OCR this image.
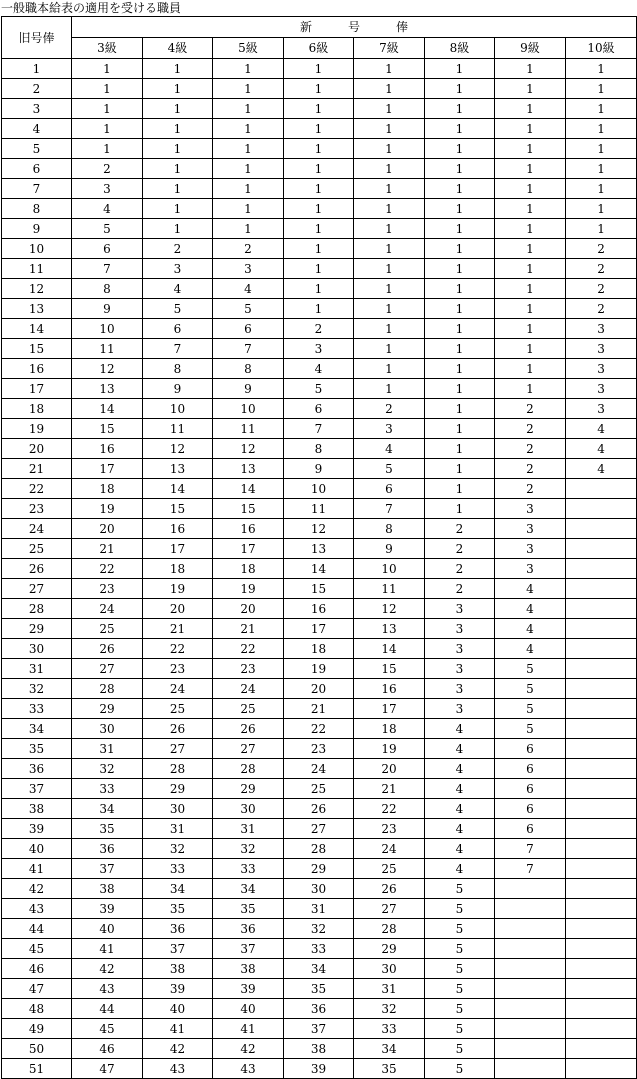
一般職本給表の適用を受ける職員
旧号俸	新　　　号　　　俸							
	3級	4級	5級	6級	7級	8級	9級	10級
1	1	1	1	1	1	1	1	1
2	1	1	1	1	1	1	1	1
3	1	1	1	1	1	1	1	1
4	1	1	1	1	1	1	1	1
5	1	1	1	1	1	1	1	1
6	2	1	1	1	1	1	1	1
7	3	1	1	1	1	1	1	1
8	4	1	1	1	1	1	1	1
9	5	1	1	1	1	1	1	1
10	6	2	2	1	1	1	1	2
11	7	3	3	1	1	1	1	2
12	8	4	4	1	1	1	1	2
13	9	5	5	1	1	1	1	2
14	10	6	6	2	1	1	1	3
15	11	7	7	3	1	1	1	3
16	12	8	8	4	1	1	1	3
17	13	9	9	5	1	1	1	3
18	14	10	10	6	2	1	2	3
19	15	11	11	7	3	1	2	4
20	16	12	12	8	4	1	2	4
21	17	13	13	9	5	1	2	4
22	18	14	14	10	6	1	2	
23	19	15	15	11	7	1	3	
24	20	16	16	12	8	2	3	
25	21	17	17	13	9	2	3	
26	22	18	18	14	10	2	3	
27	23	19	19	15	11	2	4	
28	24	20	20	16	12	3	4	
29	25	21	21	17	13	3	4	
30	26	22	22	18	14	3	4	
31	27	23	23	19	15	3	5	
32	28	24	24	20	16	3	5	
33	29	25	25	21	17	3	5	
34	30	26	26	22	18	4	5	
35	31	27	27	23	19	4	6	
36	32	28	28	24	20	4	6	
37	33	29	29	25	21	4	6	
38	34	30	30	26	22	4	6	
39	35	31	31	27	23	4	6	
40	36	32	32	28	24	4	7	
41	37	33	33	29	25	4	7	
42	38	34	34	30	26	5		
43	39	35	35	31	27	5		
44	40	36	36	32	28	5		
45	41	37	37	33	29	5		
46	42	38	38	34	30	5		
47	43	39	39	35	31	5		
48	44	40	40	36	32	5		
49	45	41	41	37	33	5		
50	46	42	42	38	34	5		
51	47	43	43	39	35	5		
